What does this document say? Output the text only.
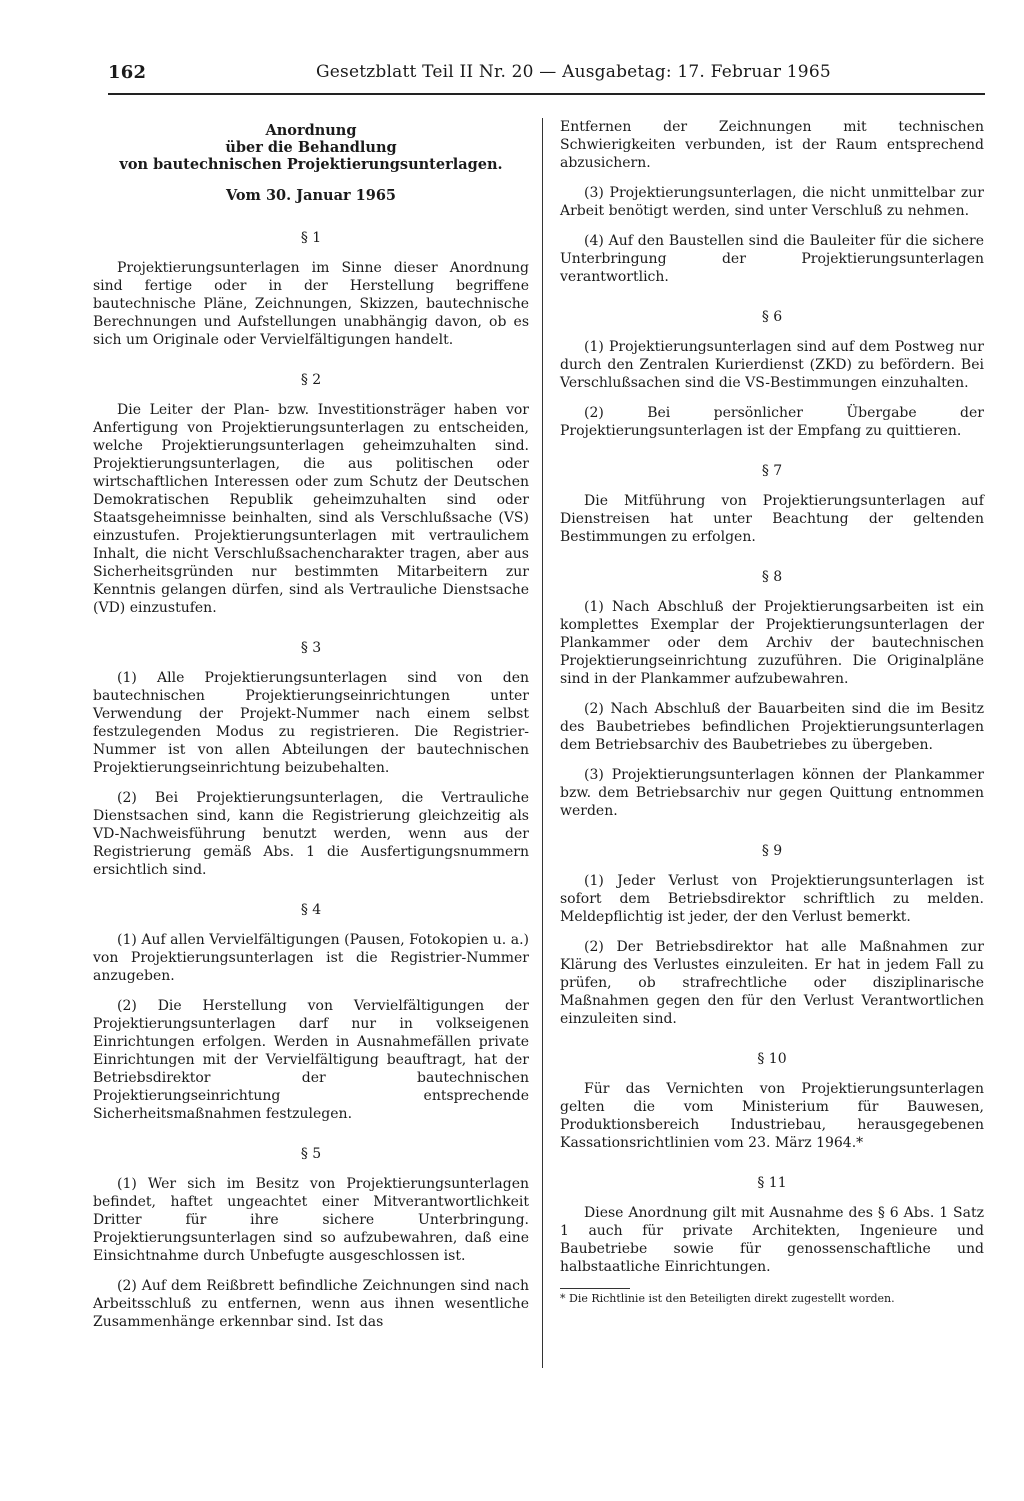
162	Gesetzblatt Teil II Nr. 20 — Ausgabetag: 17. Februar 1965
Anordnung
über die Behandlung
von bautechnischen Projektierungsunterlagen.
Vom 30. Januar 1965
§ 1

Projektierungsunterlagen im Sinne dieser Anordnung sind fertige oder in der Herstellung begriffene bautechnische Pläne, Zeichnungen, Skizzen, bautechnische Berechnungen und Aufstellungen unabhängig davon, ob es sich um Originale oder Vervielfältigungen handelt.

§ 2

Die Leiter der Plan- bzw. Investitionsträger haben vor Anfertigung von Projektierungsunterlagen zu entscheiden, welche Projektierungsunterlagen geheimzuhalten sind. Projektierungsunterlagen, die aus politischen oder wirtschaftlichen Interessen oder zum Schutz der Deutschen Demokratischen Republik geheimzuhalten sind oder Staatsgeheimnisse beinhalten, sind als Verschlußsache (VS) einzustufen. Projektierungsunterlagen mit vertraulichem Inhalt, die nicht Verschlußsachencharakter tragen, aber aus Sicherheitsgründen nur bestimmten Mitarbeitern zur Kenntnis gelangen dürfen, sind als Vertrauliche Dienstsache (VD) einzustufen.

§ 3

(1) Alle Projektierungsunterlagen sind von den bautechnischen Projektierungseinrichtungen unter Verwendung der Projekt-Nummer nach einem selbst festzulegenden Modus zu registrieren. Die Registrier-Nummer ist von allen Abteilungen der bautechnischen Projektierungseinrichtung beizubehalten.

(2) Bei Projektierungsunterlagen, die Vertrauliche Dienstsachen sind, kann die Registrierung gleichzeitig als VD-Nachweisführung benutzt werden, wenn aus der Registrierung gemäß Abs. 1 die Ausfertigungsnummern ersichtlich sind.

§ 4

(1) Auf allen Vervielfältigungen (Pausen, Fotokopien u. a.) von Projektierungsunterlagen ist die Registrier-Nummer anzugeben.

(2) Die Herstellung von Vervielfältigungen der Projektierungsunterlagen darf nur in volkseigenen Einrichtungen erfolgen. Werden in Ausnahmefällen private Einrichtungen mit der Vervielfältigung beauftragt, hat der Betriebsdirektor der bautechnischen Projektierungseinrichtung entsprechende Sicherheitsmaßnahmen festzulegen.

§ 5

(1) Wer sich im Besitz von Projektierungsunterlagen befindet, haftet ungeachtet einer Mitverantwortlichkeit Dritter für ihre sichere Unterbringung. Projektierungsunterlagen sind so aufzubewahren, daß eine Einsichtnahme durch Unbefugte ausgeschlossen ist.

(2) Auf dem Reißbrett befindliche Zeichnungen sind nach Arbeitsschluß zu entfernen, wenn aus ihnen wesentliche Zusammenhänge erkennbar sind. Ist das

Entfernen der Zeichnungen mit technischen Schwierigkeiten verbunden, ist der Raum entsprechend abzusichern.

(3) Projektierungsunterlagen, die nicht unmittelbar zur Arbeit benötigt werden, sind unter Verschluß zu nehmen.

(4) Auf den Baustellen sind die Bauleiter für die sichere Unterbringung der Projektierungsunterlagen verantwortlich.

§ 6

(1) Projektierungsunterlagen sind auf dem Postweg nur durch den Zentralen Kurierdienst (ZKD) zu befördern. Bei Verschlußsachen sind die VS-Bestimmungen einzuhalten.

(2) Bei persönlicher Übergabe der Projektierungsunterlagen ist der Empfang zu quittieren.

§ 7

Die Mitführung von Projektierungsunterlagen auf Dienstreisen hat unter Beachtung der geltenden Bestimmungen zu erfolgen.

§ 8

(1) Nach Abschluß der Projektierungsarbeiten ist ein komplettes Exemplar der Projektierungsunterlagen der Plankammer oder dem Archiv der bautechnischen Projektierungseinrichtung zuzuführen. Die Originalpläne sind in der Plankammer aufzubewahren.

(2) Nach Abschluß der Bauarbeiten sind die im Besitz des Baubetriebes befindlichen Projektierungsunterlagen dem Betriebsarchiv des Baubetriebes zu übergeben.

(3) Projektierungsunterlagen können der Plankammer bzw. dem Betriebsarchiv nur gegen Quittung entnommen werden.

§ 9

(1) Jeder Verlust von Projektierungsunterlagen ist sofort dem Betriebsdirektor schriftlich zu melden. Meldepflichtig ist jeder, der den Verlust bemerkt.

(2) Der Betriebsdirektor hat alle Maßnahmen zur Klärung des Verlustes einzuleiten. Er hat in jedem Fall zu prüfen, ob strafrechtliche oder disziplinarische Maßnahmen gegen den für den Verlust Verantwortlichen einzuleiten sind.

§ 10

Für das Vernichten von Projektierungsunterlagen gelten die vom Ministerium für Bauwesen, Produktionsbereich Industriebau, herausgegebenen Kassationsrichtlinien vom 23. März 1964.*

§ 11

Diese Anordnung gilt mit Ausnahme des § 6 Abs. 1 Satz 1 auch für private Architekten, Ingenieure und Baubetriebe sowie für genossenschaftliche und halbstaatliche Einrichtungen.

* Die Richtlinie ist den Beteiligten direkt zugestellt worden.
